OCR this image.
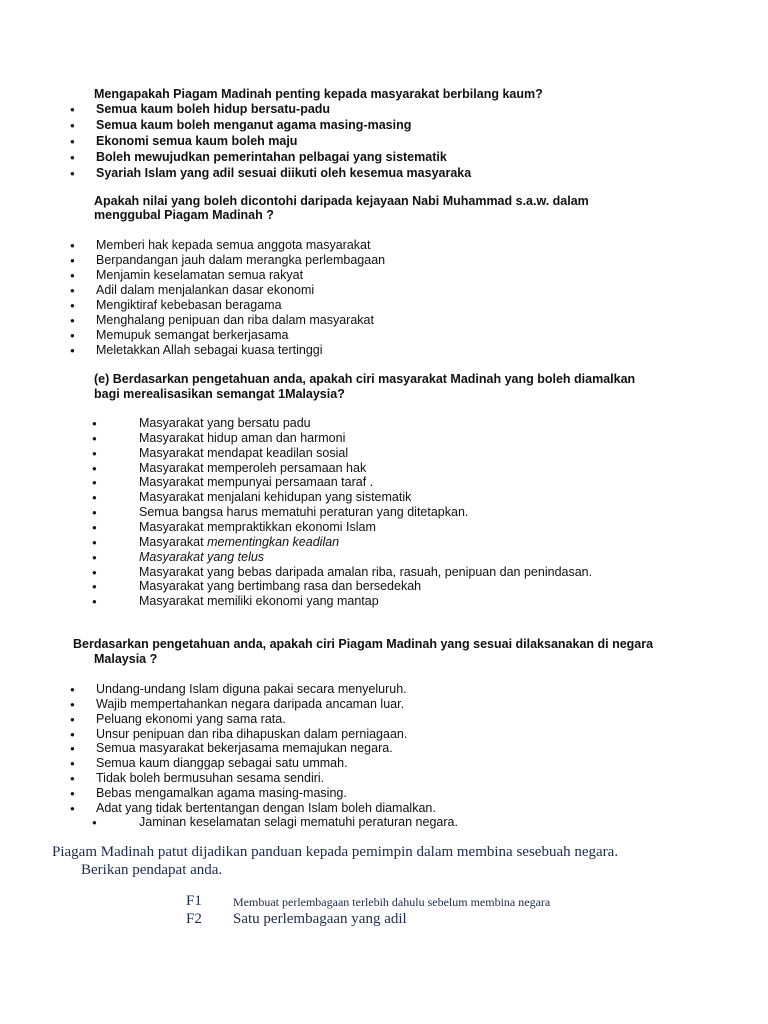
Mengapakah Piagam Madinah penting kepada masyarakat berbilang kaum?
● Semua kaum boleh hidup bersatu-padu
● Semua kaum boleh menganut agama masing-masing
● Ekonomi semua kaum boleh maju
● Boleh mewujudkan pemerintahan pelbagai yang sistematik
● Syariah Islam yang adil sesuai diikuti oleh kesemua masyaraka
Apakah nilai yang boleh dicontohi daripada kejayaan Nabi Muhammad s.a.w. dalam
menggubal Piagam Madinah ?
● Memberi hak kepada semua anggota masyarakat
● Berpandangan jauh dalam merangka perlembagaan
● Menjamin keselamatan semua rakyat
● Adil dalam menjalankan dasar ekonomi
● Mengiktiraf kebebasan beragama
● Menghalang penipuan dan riba dalam masyarakat
● Memupuk semangat berkerjasama
● Meletakkan Allah sebagai kuasa tertinggi
(e) Berdasarkan pengetahuan anda, apakah ciri masyarakat Madinah yang boleh diamalkan
bagi merealisasikan semangat 1Malaysia?
●	Masyarakat yang bersatu padu
●	Masyarakat hidup aman dan harmoni
●	Masyarakat mendapat keadilan sosial
●	Masyarakat memperoleh persamaan hak
●	Masyarakat mempunyai persamaan taraf .
●	Masyarakat menjalani kehidupan yang sistematik
●	Semua bangsa harus mematuhi peraturan yang ditetapkan.
●	Masyarakat mempraktikkan ekonomi Islam
●	Masyarakat mementingkan keadilan
●	Masyarakat yang telus
●	Masyarakat yang bebas daripada amalan riba, rasuah, penipuan dan penindasan.
●	Masyarakat yang bertimbang rasa dan bersedekah
●	Masyarakat memiliki ekonomi yang mantap
Berdasarkan pengetahuan anda, apakah ciri Piagam Madinah yang sesuai dilaksanakan di negara
Malaysia ?
● Undang-undang Islam diguna pakai secara menyeluruh.
● Wajib mempertahankan negara daripada ancaman luar.
● Peluang ekonomi yang sama rata.
● Unsur penipuan dan riba dihapuskan dalam perniagaan.
● Semua masyarakat bekerjasama memajukan negara.
● Semua kaum dianggap sebagai satu ummah.
● Tidak boleh bermusuhan sesama sendiri.
● Bebas mengamalkan agama masing-masing.
● Adat yang tidak bertentangan dengan Islam boleh diamalkan.
●	Jaminan keselamatan selagi mematuhi peraturan negara.
Piagam Madinah patut dijadikan panduan kepada pemimpin dalam membina sesebuah negara.
Berikan pendapat anda.
F1	Membuat perlembagaan terlebih dahulu sebelum membina negara
F2 Satu perlembagaan yang adil
